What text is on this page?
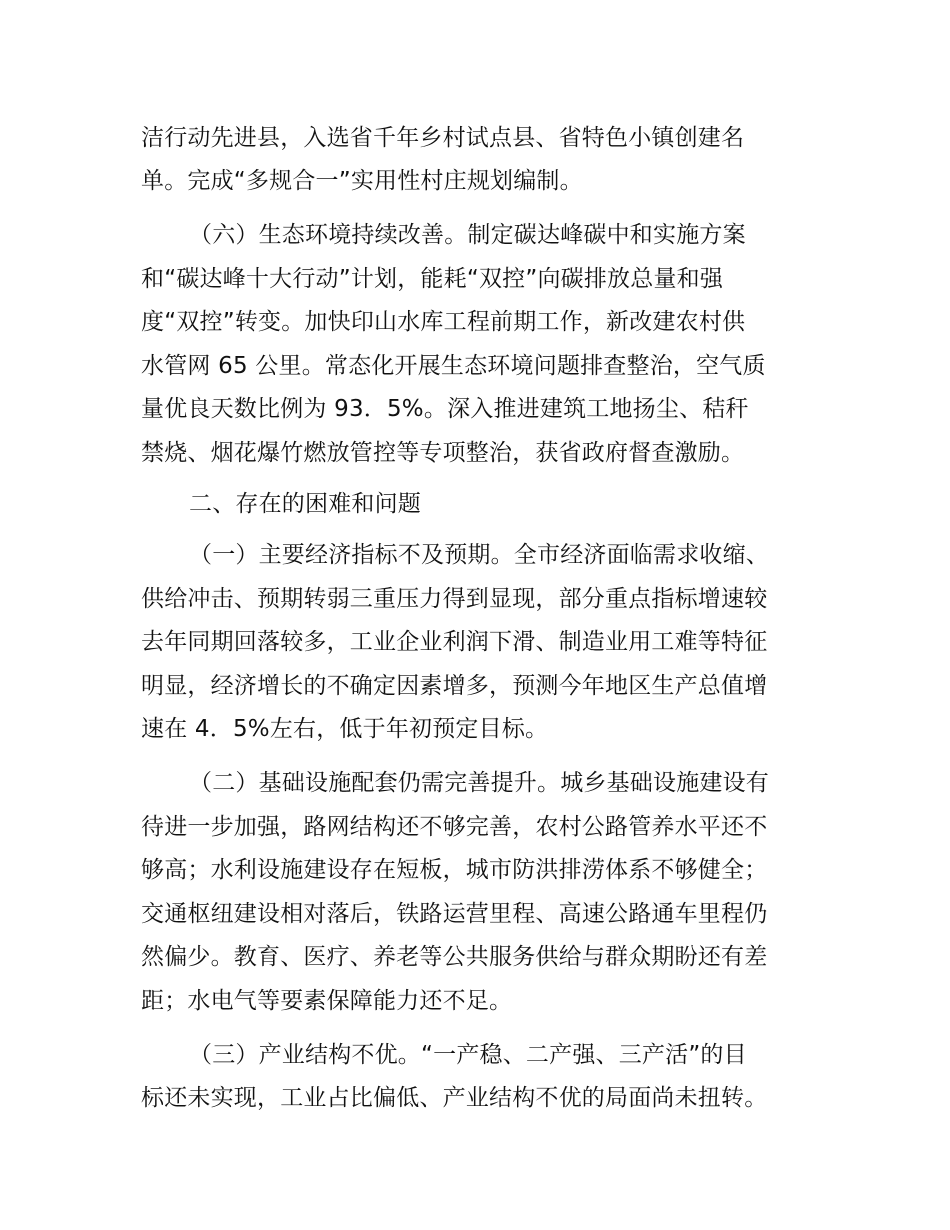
洁行动先进县，入选省千年乡村试点县、省特色小镇创建名
单。完成“多规合一”实用性村庄规划编制。
（六）生态环境持续改善。制定碳达峰碳中和实施方案
和“碳达峰十大行动”计划，能耗“双控”向碳排放总量和强
度“双控”转变。加快印山水库工程前期工作，新改建农村供
水管网 65 公里。常态化开展生态环境问题排查整治，空气质
量优良天数比例为 93．5%。深入推进建筑工地扬尘、秸秆
禁烧、烟花爆竹燃放管控等专项整治，获省政府督查激励。
二、存在的困难和问题
（一）主要经济指标不及预期。全市经济面临需求收缩、
供给冲击、预期转弱三重压力得到显现，部分重点指标增速较
去年同期回落较多，工业企业利润下滑、制造业用工难等特征
明显，经济增长的不确定因素增多，预测今年地区生产总值增
速在 4．5%左右，低于年初预定目标。
（二）基础设施配套仍需完善提升。城乡基础设施建设有
待进一步加强，路网结构还不够完善，农村公路管养水平还不
够高；水利设施建设存在短板，城市防洪排涝体系不够健全；
交通枢纽建设相对落后，铁路运营里程、高速公路通车里程仍
然偏少。教育、医疗、养老等公共服务供给与群众期盼还有差
距；水电气等要素保障能力还不足。
（三）产业结构不优。“一产稳、二产强、三产活”的目
标还未实现，工业占比偏低、产业结构不优的局面尚未扭转。
